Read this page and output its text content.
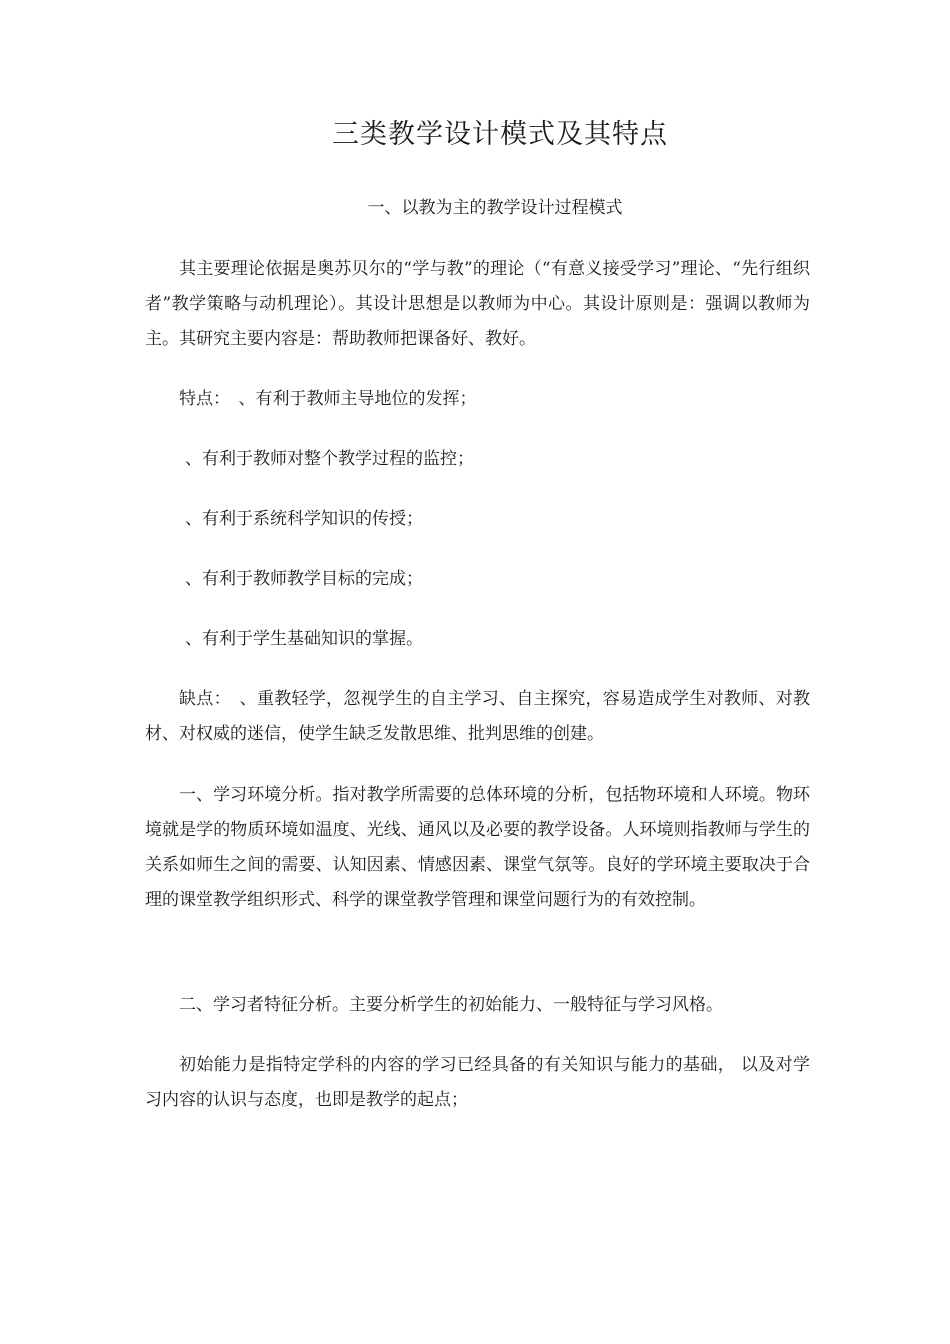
三类教学设计模式及其特点
一、以教为主的教学设计过程模式

其主要理论依据是奥苏贝尔的“学与教”的理论（“有意义接受学习”理论、“先行组织者”教学策略与动机理论）。其设计思想是以教师为中心。其设计原则是：强调以教师为主。其研究主要内容是：帮助教师把课备好、教好。

特点：　、有利于教师主导地位的发挥；

、有利于教师对整个教学过程的监控；

、有利于系统科学知识的传授；

、有利于教师教学目标的完成；

、有利于学生基础知识的掌握。

缺点：　、重教轻学，忽视学生的自主学习、自主探究，容易造成学生对教师、对教材、对权威的迷信，使学生缺乏发散思维、批判思维的创建。

一、学习环境分析。指对教学所需要的总体环境的分析，包括物环境和人环境。物环境就是学的物质环境如温度、光线、通风以及必要的教学设备。人环境则指教师与学生的关系如师生之间的需要、认知因素、情感因素、课堂气氛等。良好的学环境主要取决于合理的课堂教学组织形式、科学的课堂教学管理和课堂问题行为的有效控制。

二、学习者特征分析。主要分析学生的初始能力、一般特征与学习风格。

初始能力是指特定学科的内容的学习已经具备的有关知识与能力的基础， 以及对学习内容的认识与态度，也即是教学的起点；
